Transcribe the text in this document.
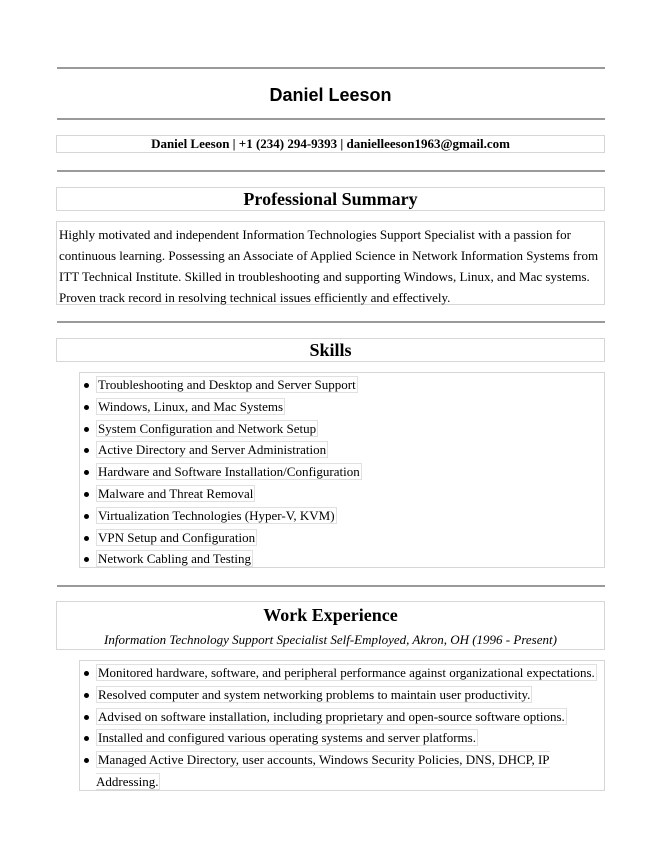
Daniel Leeson
Daniel Leeson | +1 (234) 294-9393 | danielleeson1963@gmail.com
Professional Summary

Highly motivated and independent Information Technologies Support Specialist with a passion for continuous learning. Possessing an Associate of Applied Science in Network Information Systems from ITT Technical Institute. Skilled in troubleshooting and supporting Windows, Linux, and Mac systems. Proven track record in resolving technical issues efficiently and effectively.

Skills
Troubleshooting and Desktop and Server Support
Windows, Linux, and Mac Systems
System Configuration and Network Setup
Active Directory and Server Administration
Hardware and Software Installation/Configuration
Malware and Threat Removal
Virtualization Technologies (Hyper-V, KVM)
VPN Setup and Configuration
Network Cabling and Testing
Work Experience
Information Technology Support Specialist Self-Employed, Akron, OH (1996 - Present)
Monitored hardware, software, and peripheral performance against organizational expectations.
Resolved computer and system networking problems to maintain user productivity.
Advised on software installation, including proprietary and open-source software options.
Installed and configured various operating systems and server platforms.
Managed Active Directory, user accounts, Windows Security Policies, DNS, DHCP, IP Addressing.
